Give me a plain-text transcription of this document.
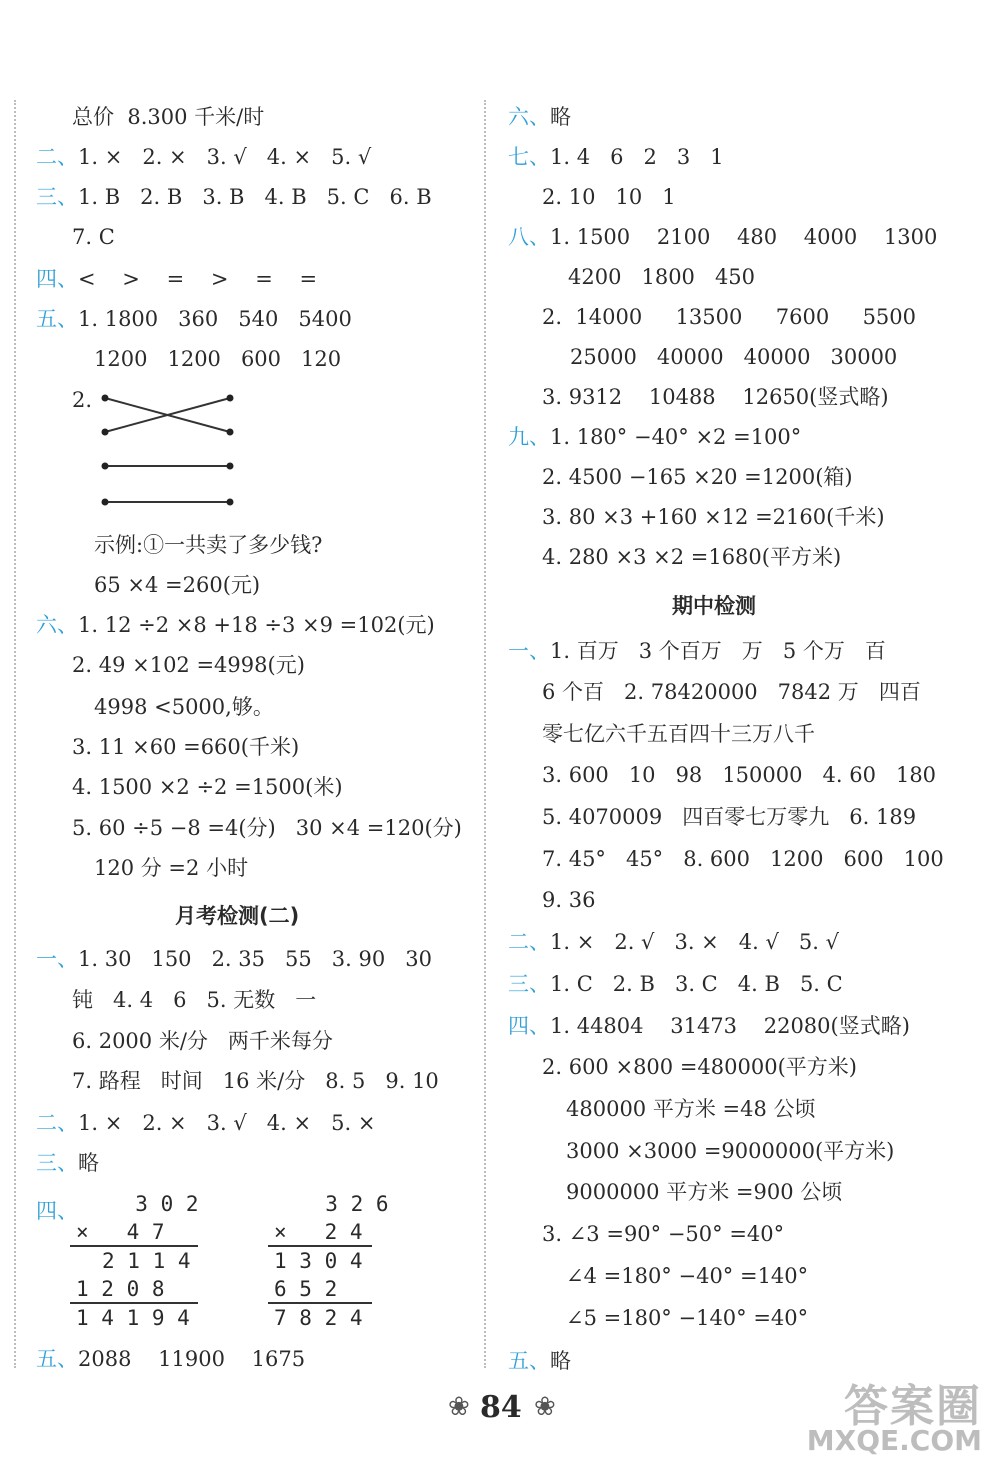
总价  8.300 千米/时
二、1. ×   2. ×   3. √   4. ×   5. √
三、1. B   2. B   3. B   4. B   5. C   6. B
7. C
四、<    >    =    >    =    =
五、1. 1800   360   540   5400
1200   1200   600   120
2.
示例:①一共卖了多少钱?
65 ×4 =260(元)
六、1. 12 ÷2 ×8 +18 ÷3 ×9 =102(元)
2. 49 ×102 =4998(元)
4998 <5000,够。
3. 11 ×60 =660(千米)
4. 1500 ×2 ÷2 =1500(米)
5. 60 ÷5 −8 =4(分)   30 ×4 =120(分)
120 分 =2 小时
月考检测(二)
一、1. 30   150   2. 35   55   3. 90   30
钝   4. 4   6   5. 无数   一
6. 2000 米/分   两千米每分
7. 路程   时间   16 米/分   8. 5   9. 10
二、1. ×   2. ×   3. √   4. ×   5. ×
三、略
四、 3 0 2
×   4 7
2 1 1 4
1 2 0 8
1 4 1 9 4
3 2 6
×   2 4
1 3 0 4
6 5 2
7 8 2 4
五、2088    11900    1675
六、略
七、1. 4   6   2   3   1
2. 10   10   1
八、1. 1500    2100    480    4000    1300
4200   1800   450
2.  14000     13500     7600     5500
25000   40000   40000   30000
3. 9312    10488    12650(竖式略)
九、1. 180° −40° ×2 =100°
2. 4500 −165 ×20 =1200(箱)
3. 80 ×3 +160 ×12 =2160(千米)
4. 280 ×3 ×2 =1680(平方米)
期中检测
一、1. 百万   3 个百万   万   5 个万   百
6 个百   2. 78420000   7842 万   四百
零七亿六千五百四十三万八千
3. 600   10   98   150000   4. 60   180
5. 4070009   四百零七万零九   6. 189
7. 45°   45°   8. 600   1200   600   100
9. 36
二、1. ×   2. √   3. ×   4. √   5. √
三、1. C   2. B   3. C   4. B   5. C
四、1. 44804    31473    22080(竖式略)
2. 600 ×800 =480000(平方米)
480000 平方米 =48 公顷
3000 ×3000 =9000000(平方米)
9000000 平方米 =900 公顷
3. ∠3 =90° −50° =40°
∠4 =180° −40° =140°
∠5 =180° −140° =40°
五、略
❀ 84 ❀	答案圈
MXQE.COM
